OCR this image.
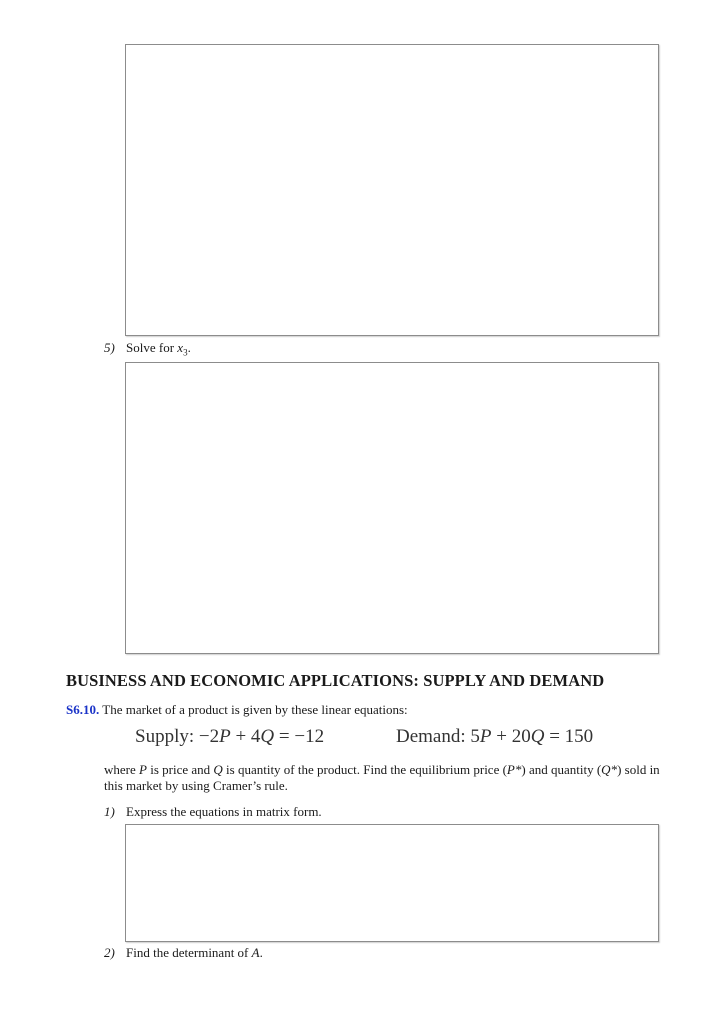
5) Solve for $x_3$.
BUSINESS AND ECONOMIC APPLICATIONS: SUPPLY AND DEMAND
S6.10. The market of a product is given by these linear equations:
Supply: −2P + 4Q = −12	Demand: 5P + 20Q = 150
where P is price and Q is quantity of the product. Find the equilibrium price (P*) and quantity (Q*) sold in this market by using Cramer’s rule.
1) Express the equations in matrix form.
2) Find the determinant of A.
